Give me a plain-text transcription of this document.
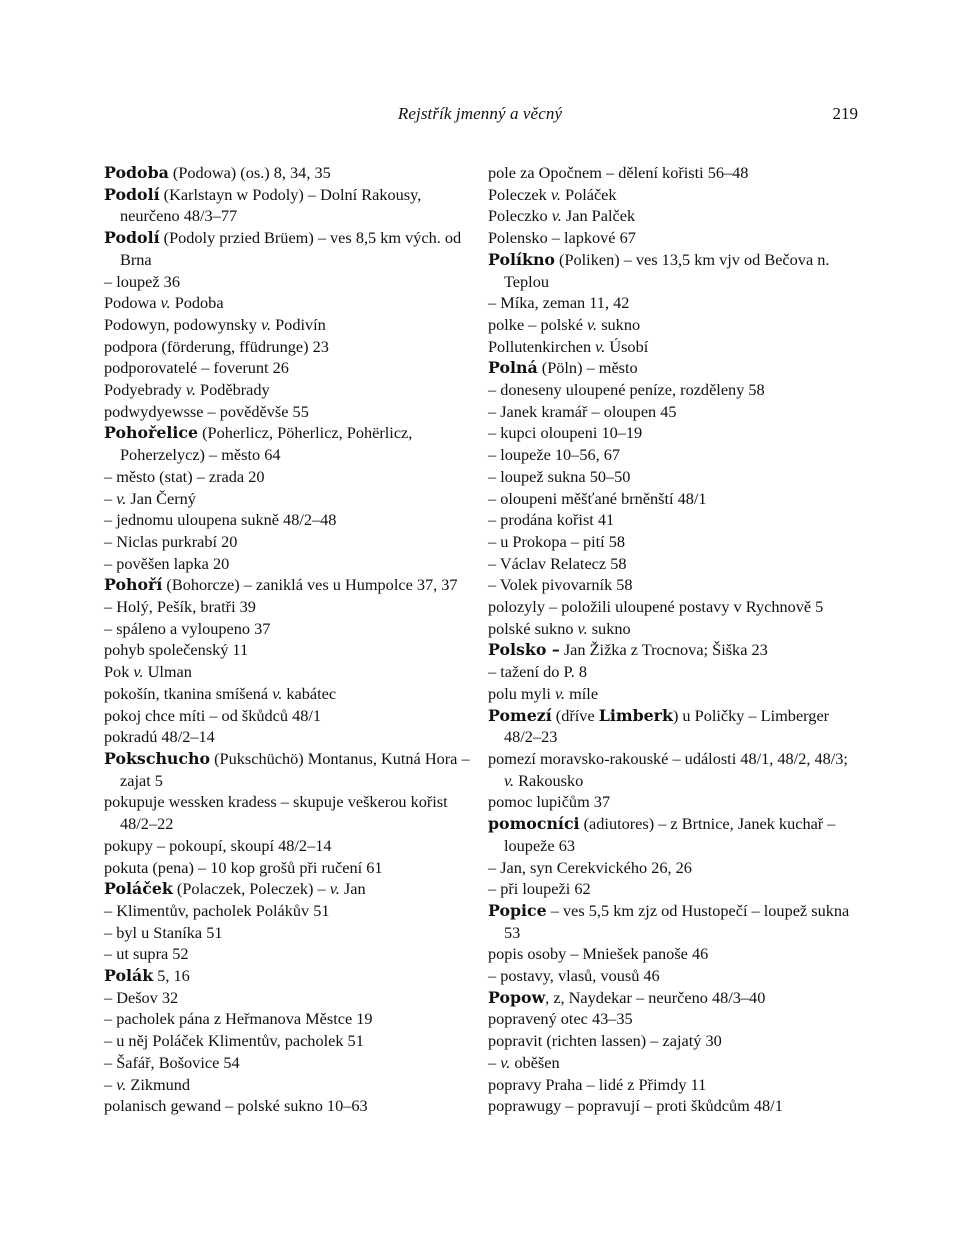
Rejstřík jmenný a věcný	219

Podoba (Podowa) (os.) 8, 34, 35

Podolí (Karlstayn w Podoly) – Dolní Rakousy, neurčeno 48/3–77

Podolí (Podoly przied Brüem) – ves 8,5 km vých. od Brna

– loupež 36

Podowa v. Podoba

Podowyn, podowynsky v. Podivín

podpora (förderung, ffüdrunge) 23

podporovatelé – foverunt 26

Podyebrady v. Poděbrady

podwydyewsse – pověděvše 55

Pohořelice (Poherlicz, Pöherlicz, Pohërlicz, Poherzelycz) – město 64

– město (stat) – zrada 20

– v. Jan Černý

– jednomu uloupena sukně 48/2–48

– Niclas purkrabí 20

– pověšen lapka 20

Pohoří (Bohorcze) – zaniklá ves u Humpolce 37, 37

– Holý, Pešík, bratři 39

– spáleno a vyloupeno 37

pohyb společenský 11

Pok v. Ulman

pokošín, tkanina smíšená v. kabátec

pokoj chce míti – od škůdců 48/1

pokradú 48/2–14

Pokschucho (Pukschüchö) Montanus, Kutná Hora – zajat 5

pokupuje wessken kradess – skupuje veškerou kořist 48/2–22

pokupy – pokoupí, skoupí 48/2–14

pokuta (pena) – 10 kop grošů při ručení 61

Poláček (Polaczek, Poleczek) – v. Jan

– Klimentův, pacholek Polákův 51

– byl u Staníka 51

– ut supra 52

Polák 5, 16

– Dešov 32

– pacholek pána z Heřmanova Městce 19

– u něj Poláček Klimentův, pacholek 51

– Šafář, Bošovice 54

– v. Zikmund

polanisch gewand – polské sukno 10–63

pole za Opočnem – dělení kořisti 56–48

Poleczek v. Poláček

Poleczko v. Jan Palček

Polensko – lapkové 67

Políkno (Poliken) – ves 13,5 km vjv od Bečova n. Teplou

– Míka, zeman 11, 42

polke – polské v. sukno

Pollutenkirchen v. Úsobí

Polná (Pöln) – město

– doneseny uloupené peníze, rozděleny 58

– Janek kramář – oloupen 45

– kupci oloupeni 10–19

– loupeže 10–56, 67

– loupež sukna 50–50

– oloupeni měšťané brněnští 48/1

– prodána kořist 41

– u Prokopa – pití 58

– Václav Relatecz 58

– Volek pivovarník 58

polozyly – položili uloupené postavy v Rychnově 5

polské sukno v. sukno

Polsko – Jan Žižka z Trocnova; Šiška 23

– tažení do P. 8

polu myli v. míle

Pomezí (dříve Limberk) u Poličky – Limberger 48/2–23

pomezí moravsko-rakouské – události 48/1, 48/2, 48/3; v. Rakousko

pomoc lupičům 37

pomocníci (adiutores) – z Brtnice, Janek kuchař – loupeže 63

– Jan, syn Cerekvického 26, 26

– při loupeži 62

Popice – ves 5,5 km zjz od Hustopečí – loupež sukna 53

popis osoby – Mniešek panoše 46

– postavy, vlasů, vousů 46

Popow, z, Naydekar – neurčeno 48/3–40

popravený otec 43–35

popravit (richten lassen) – zajatý 30

– v. oběšen

popravy Praha – lidé z Přimdy 11

poprawugy – popravují – proti škůdcům 48/1
